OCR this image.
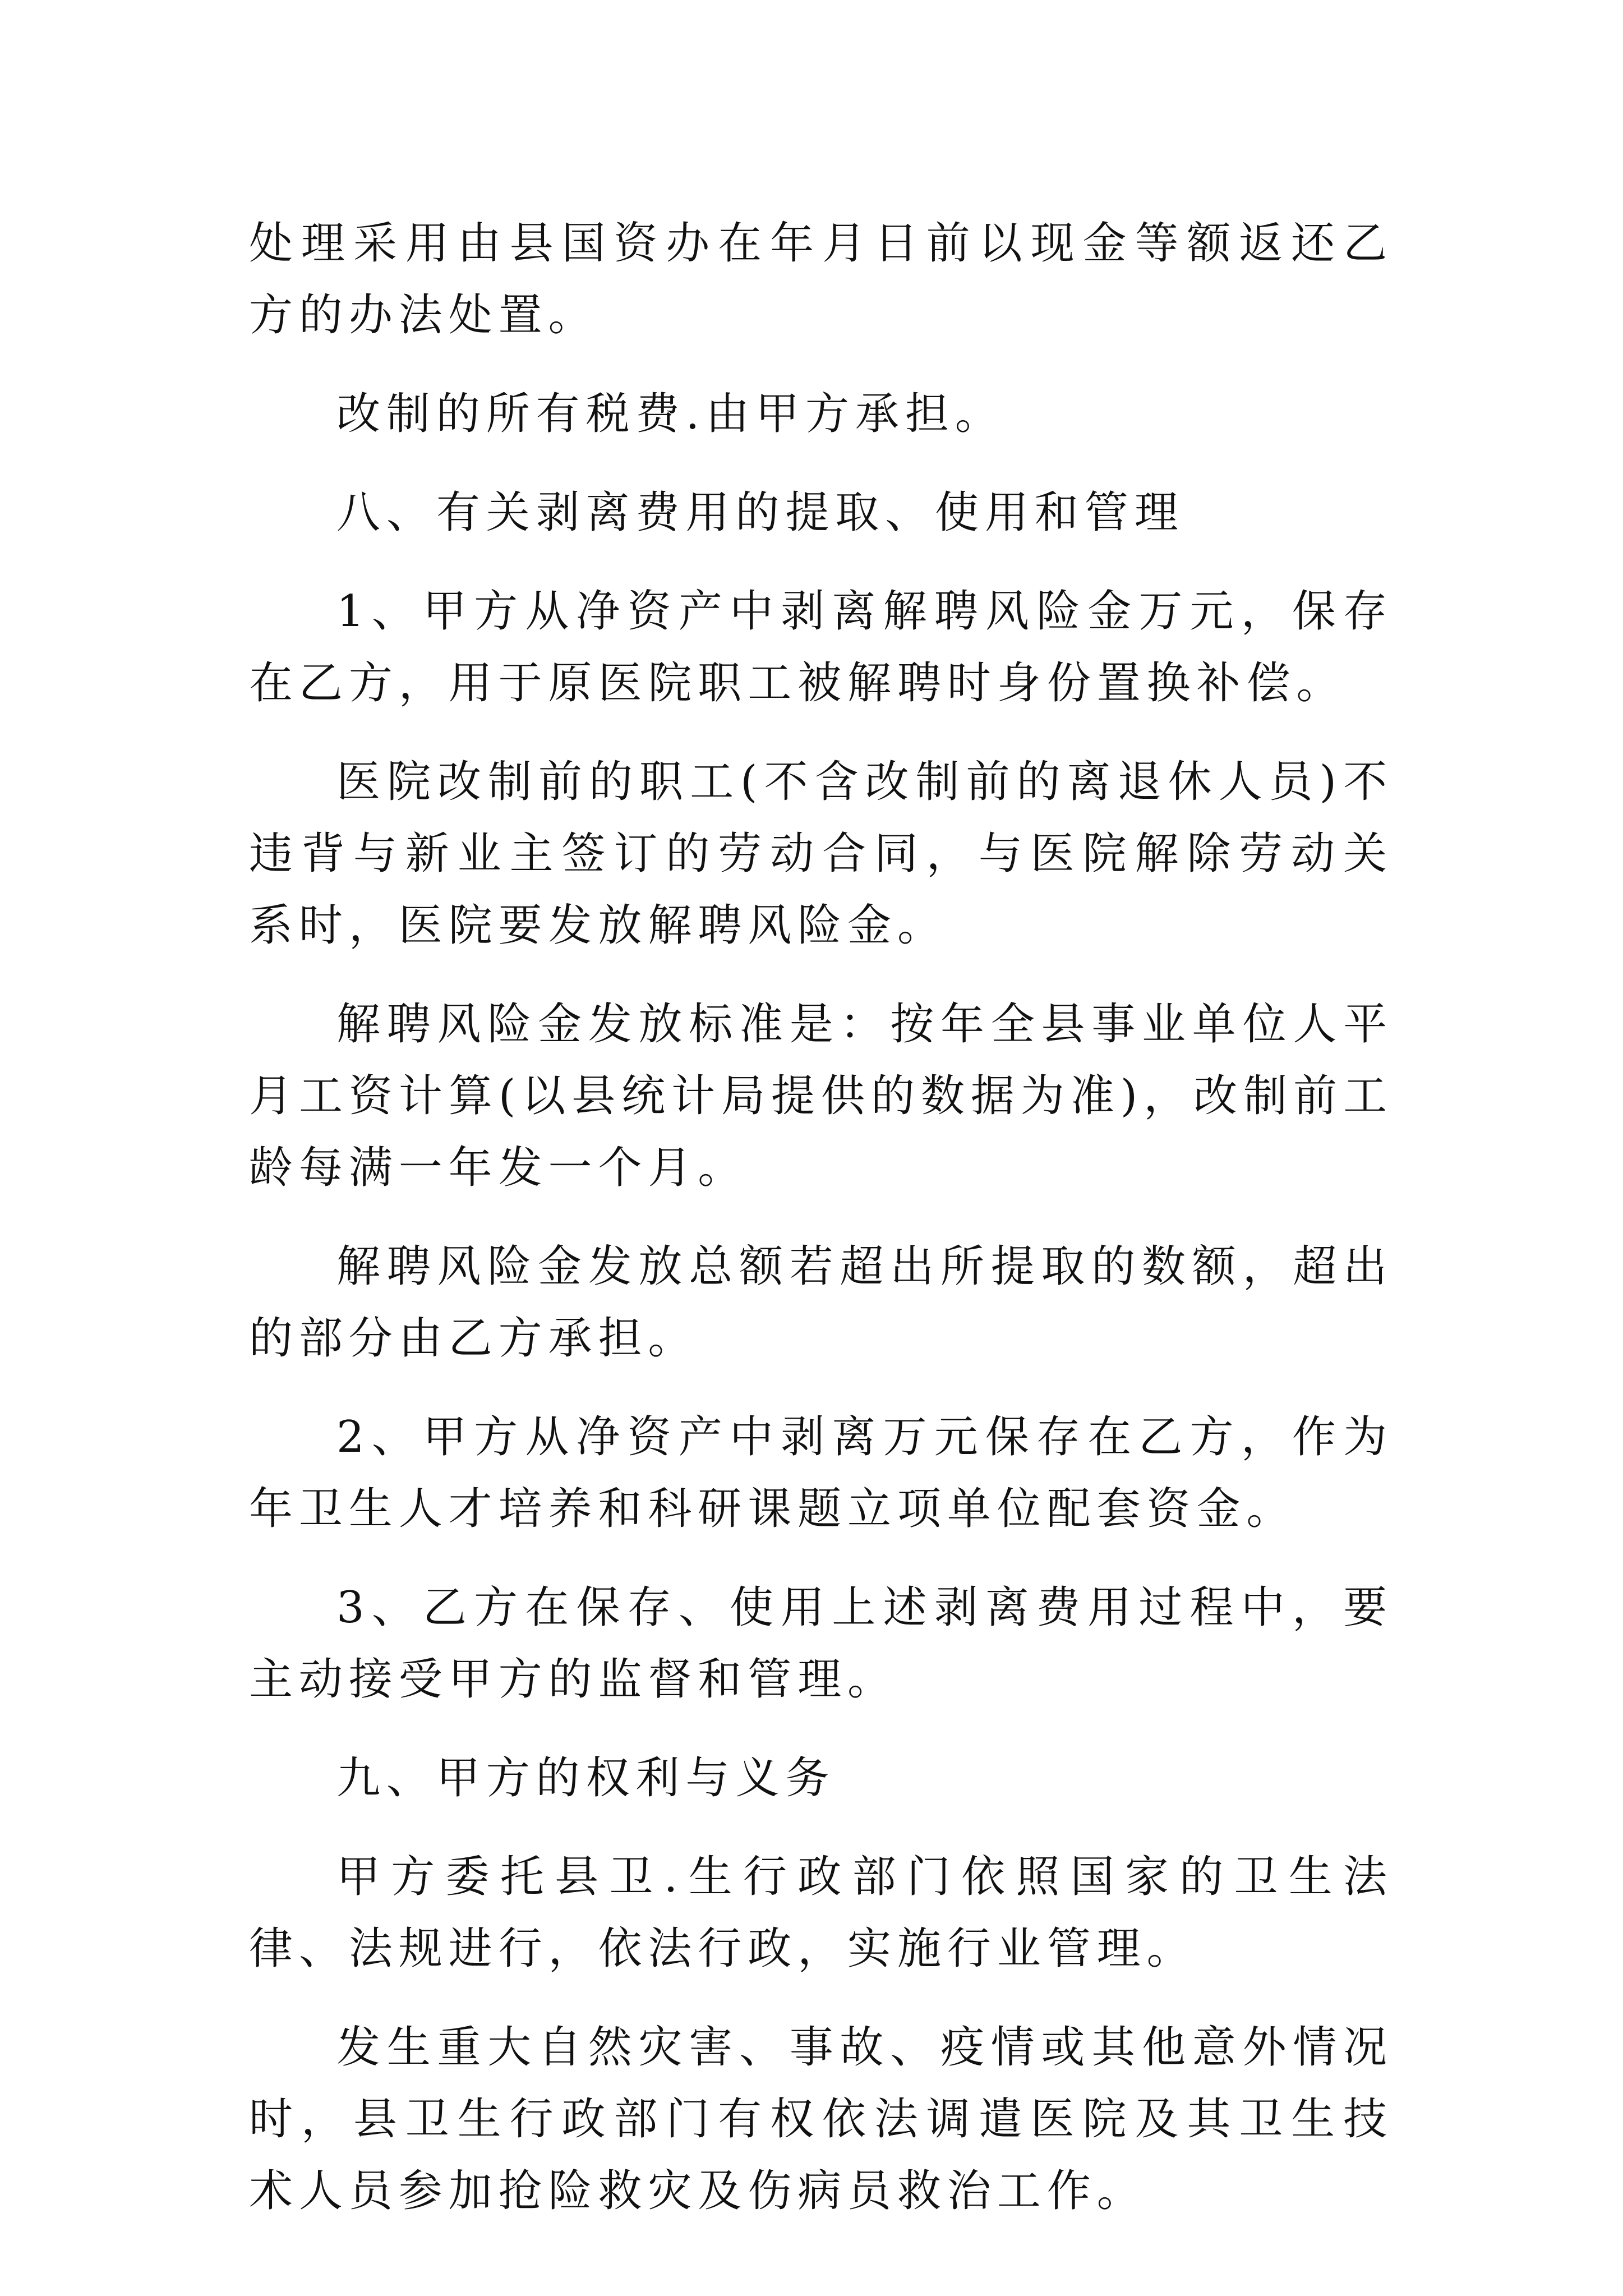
处理采用由县国资办在年月日前以现金等额返还乙方的办法处置。

改制的所有税费.由甲方承担。

八、有关剥离费用的提取、使用和管理

1、甲方从净资产中剥离解聘风险金万元，保存在乙方，用于原医院职工被解聘时身份置换补偿。

医院改制前的职工(不含改制前的离退休人员)不违背与新业主签订的劳动合同，与医院解除劳动关系时，医院要发放解聘风险金。

解聘风险金发放标准是：按年全县事业单位人平月工资计算(以县统计局提供的数据为准)，改制前工龄每满一年发一个月。

解聘风险金发放总额若超出所提取的数额，超出的部分由乙方承担。

2、甲方从净资产中剥离万元保存在乙方，作为年卫生人才培养和科研课题立项单位配套资金。

3、乙方在保存、使用上述剥离费用过程中，要主动接受甲方的监督和管理。

九、甲方的权利与义务

甲方委托县卫.生行政部门依照国家的卫生法律、法规进行，依法行政，实施行业管理。

发生重大自然灾害、事故、疫情或其他意外情况时，县卫生行政部门有权依法调遣医院及其卫生技术人员参加抢险救灾及伤病员救治工作。
